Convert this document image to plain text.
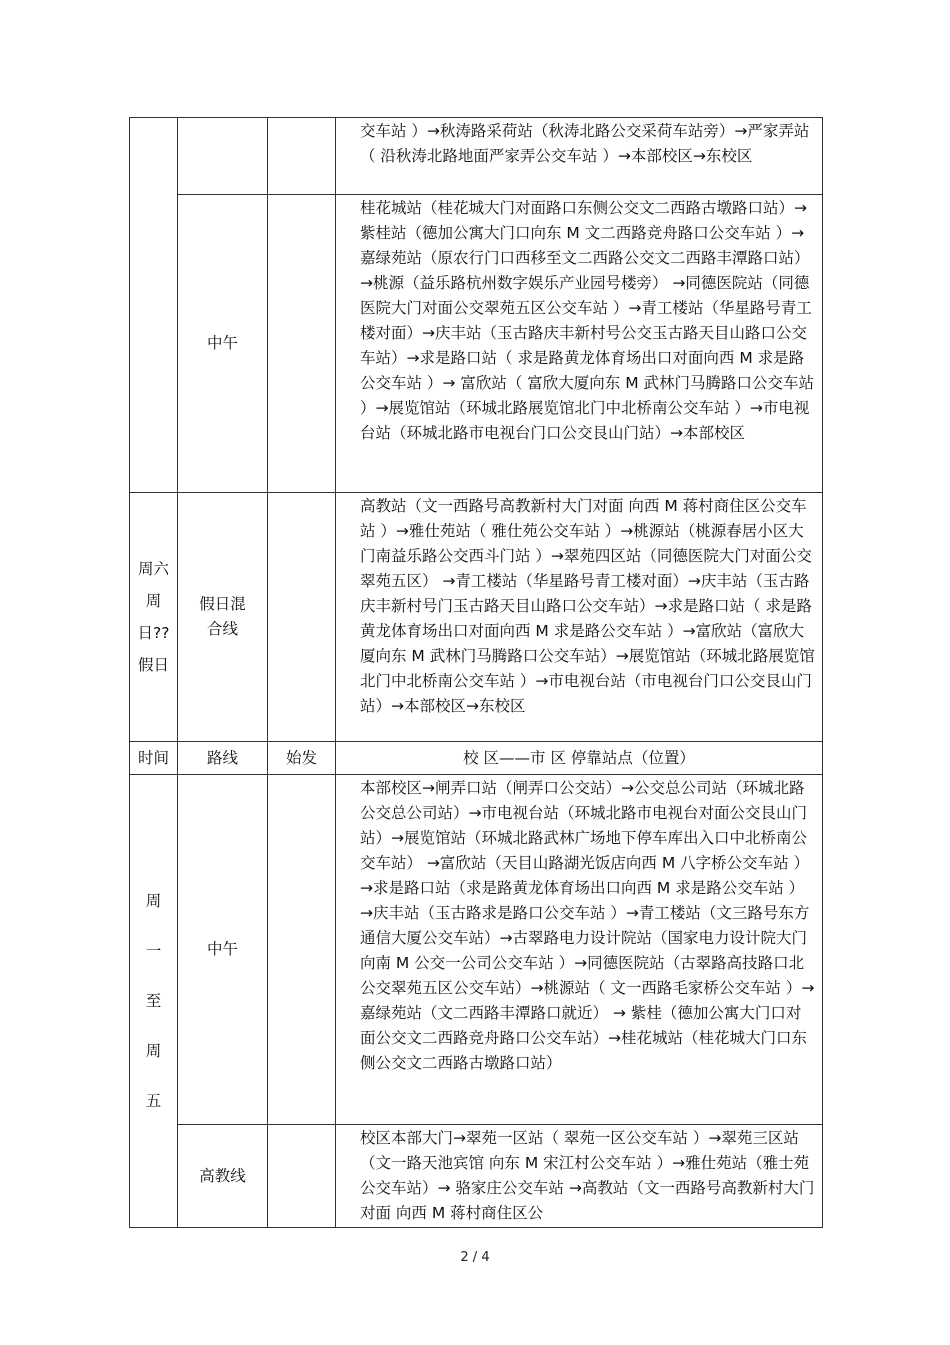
			交车站 ）→秋涛路采荷站（秋涛北路公交采荷车站旁）→严家弄站（ 沿秋涛北路地面严家弄公交车站 ）→本部校区→东校区
	中午		桂花城站（桂花城大门对面路口东侧公交文二西路古墩路口站）→紫桂站（德加公寓大门口向东 M 文二西路竞舟路口公交车站 ）→嘉绿苑站（原农行门口西移至文二西路公交文二西路丰潭路口站） →桃源（益乐路杭州数字娱乐产业园号楼旁） →同德医院站（同德医院大门对面公交翠苑五区公交车站 ）→青工楼站（华星路号青工楼对面）→庆丰站（玉古路庆丰新村号公交玉古路天目山路口公交车站）→求是路口站（ 求是路黄龙体育场出口对面向西 M 求是路公交车站 ）→ 富欣站（ 富欣大厦向东 M 武林门马腾路口公交车站 ）→展览馆站（环城北路展览馆北门中北桥南公交车站 ）→市电视台站（环城北路市电视台门口公交艮山门站）→本部校区

周六周日??假日	假日混合线		高教站（文一西路号高教新村大门对面 向西 M 蒋村商住区公交车站 ）→雅仕苑站（ 雅仕苑公交车站 ）→桃源站（桃源春居小区大门南益乐路公交西斗门站 ）→翠苑四区站（同德医院大门对面公交翠苑五区） →青工楼站（华星路号青工楼对面）→庆丰站（玉古路庆丰新村号门玉古路天目山路口公交车站）→求是路口站（ 求是路黄龙体育场出口对面向西 M 求是路公交车站 ）→富欣站（富欣大厦向东 M 武林门马腾路口公交车站）→展览馆站（环城北路展览馆北门中北桥南公交车站 ）→市电视台站（市电视台门口公交艮山门站）→本部校区→东校区
时间	路线	始发	校 区——市 区 停靠站点（位置）

周一至周五	中午		本部校区→闸弄口站（闸弄口公交站）→公交总公司站（环城北路公交总公司站）→市电视台站（环城北路市电视台对面公交艮山门站）→展览馆站（环城北路武林广场地下停车库出入口中北桥南公交车站） →富欣站（天目山路湖光饭店向西 M 八字桥公交车站 ）→求是路口站（求是路黄龙体育场出口向西 M 求是路公交车站 ）→庆丰站（玉古路求是路口公交车站 ）→青工楼站（文三路号东方通信大厦公交车站）→古翠路电力设计院站（国家电力设计院大门 向南 M 公交一公司公交车站 ）→同德医院站（古翠路高技路口北公交翠苑五区公交车站）→桃源站（ 文一西路毛家桥公交车站 ）→嘉绿苑站（文二西路丰潭路口就近） → 紫桂（德加公寓大门口对面公交文二西路竞舟路口公交车站）→桂花城站（桂花城大门口东侧公交文二西路古墩路口站）
	高教线		校区本部大门→翠苑一区站（ 翠苑一区公交车站 ）→翠苑三区站（文一路天池宾馆 向东 M 宋江村公交车站 ）→雅仕苑站（雅士苑公交车站）→ 骆家庄公交车站 →高教站（文一西路号高教新村大门对面 向西 M 蒋村商住区公
2 / 4
